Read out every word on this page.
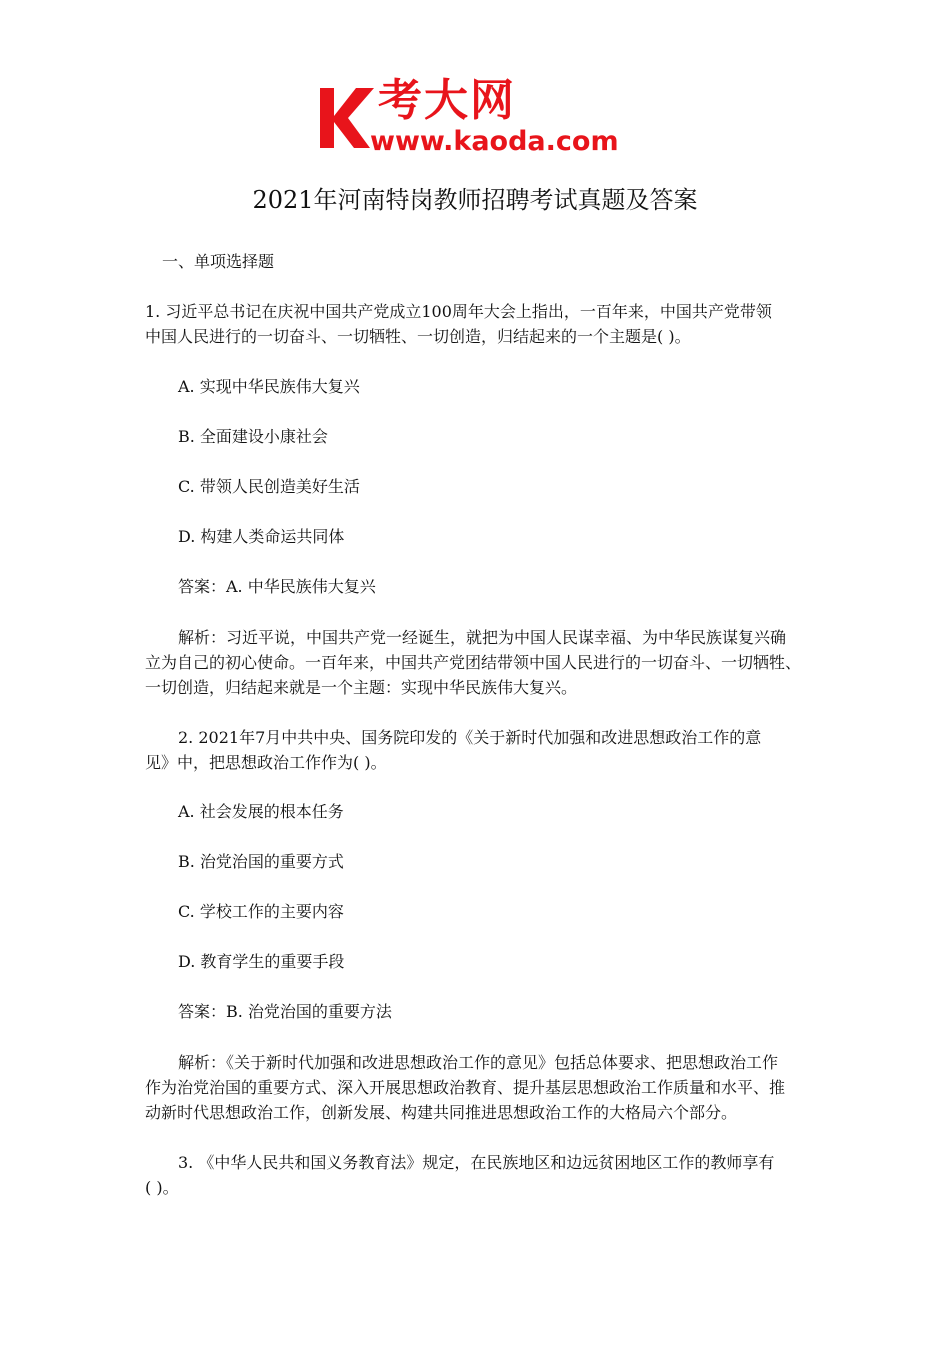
考大网
www.kaoda.com
2021年河南特岗教师招聘考试真题及答案
一、单项选择题
1. 习近平总书记在庆祝中国共产党成立100周年大会上指出，一百年来，中国共产党带领
中国人民进行的一切奋斗、一切牺牲、一切创造，归结起来的一个主题是( )。
A. 实现中华民族伟大复兴
B. 全面建设小康社会
C. 带领人民创造美好生活
D. 构建人类命运共同体
答案：A. 中华民族伟大复兴
解析：习近平说，中国共产党一经诞生，就把为中国人民谋幸福、为中华民族谋复兴确
立为自己的初心使命。一百年来，中国共产党团结带领中国人民进行的一切奋斗、一切牺牲、
一切创造，归结起来就是一个主题：实现中华民族伟大复兴。
2. 2021年7月中共中央、国务院印发的《关于新时代加强和改进思想政治工作的意
见》中，把思想政治工作作为( )。
A. 社会发展的根本任务
B. 治党治国的重要方式
C. 学校工作的主要内容
D. 教育学生的重要手段
答案：B. 治党治国的重要方法
解析：《关于新时代加强和改进思想政治工作的意见》包括总体要求、把思想政治工作
作为治党治国的重要方式、深入开展思想政治教育、提升基层思想政治工作质量和水平、推
动新时代思想政治工作，创新发展、构建共同推进思想政治工作的大格局六个部分。
3. 《中华人民共和国义务教育法》规定，在民族地区和边远贫困地区工作的教师享有
( )。
